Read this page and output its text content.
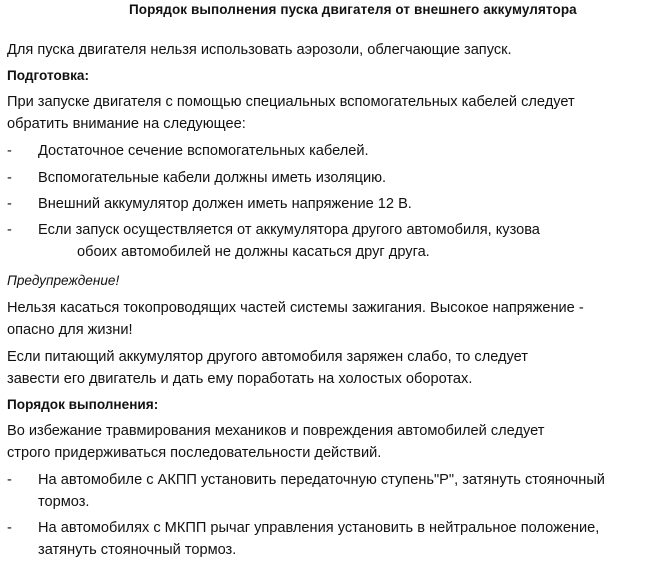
Порядок выполнения пуска двигателя от внешнего аккумулятора
Для пуска двигателя нельзя использовать аэрозоли, облегчающие запуск.
Подготовка:
При запуске двигателя с помощью специальных вспомогательных кабелей следует
обратить внимание на следующее:
- Достаточное сечение вспомогательных кабелей.
- Вспомогательные кабели должны иметь изоляцию.
- Внешний аккумулятор должен иметь напряжение 12 В.
- Если запуск осуществляется от аккумулятора другого автомобиля, кузова
обоих автомобилей не должны касаться друг друга.
Предупреждение!
Нельзя касаться токопроводящих частей системы зажигания. Высокое напряжение -
опасно для жизни!
Если питающий аккумулятор другого автомобиля заряжен слабо, то следует
завести его двигатель и дать ему поработать на холостых оборотах.
Порядок выполнения:
Во избежание травмирования механиков и повреждения автомобилей следует
строго придерживаться последовательности действий.
- На автомобиле с АКПП установить передаточную ступень"Р", затянуть стояночный
тормоз.
- На автомобилях с МКПП рычаг управления установить в нейтральное положение,
затянуть стояночный тормоз.
